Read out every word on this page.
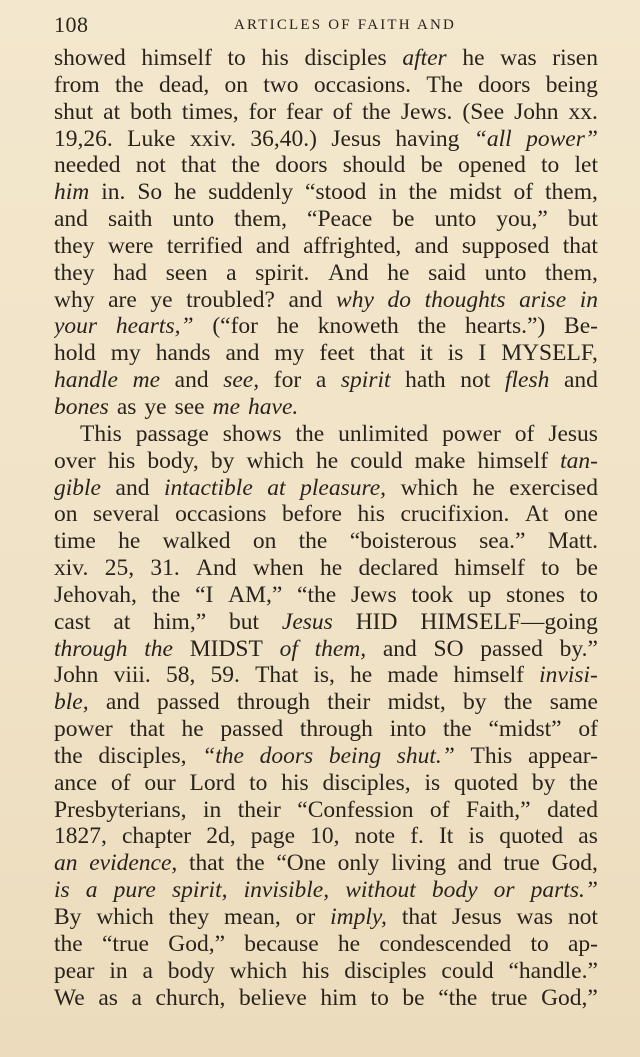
108	ARTICLES OF FAITH AND
showed himself to his disciples after he was risen
from the dead, on two occasions. The doors being
shut at both times, for fear of the Jews. (See John xx.
19,26. Luke xxiv. 36,40.) Jesus having “all power”
needed not that the doors should be opened to let
him in. So he suddenly “stood in the midst of them,
and saith unto them, “Peace be unto you,” but
they were terrified and affrighted, and supposed that
they had seen a spirit. And he said unto them,
why are ye troubled? and why do thoughts arise in
your hearts,” (“for he knoweth the hearts.”) Be-
hold my hands and my feet that it is I MYSELF,
handle me and see, for a spirit hath not flesh and
bones as ye see me have.
This passage shows the unlimited power of Jesus
over his body, by which he could make himself tan-
gible and intactible at pleasure, which he exercised
on several occasions before his crucifixion. At one
time he walked on the “boisterous sea.” Matt.
xiv. 25, 31. And when he declared himself to be
Jehovah, the “I AM,” “the Jews took up stones to
cast at him,” but Jesus HID HIMSELF—going
through the MIDST of them, and SO passed by.”
John viii. 58, 59. That is, he made himself invisi-
ble, and passed through their midst, by the same
power that he passed through into the “midst” of
the disciples, “the doors being shut.” This appear-
ance of our Lord to his disciples, is quoted by the
Presbyterians, in their “Confession of Faith,” dated
1827, chapter 2d, page 10, note f. It is quoted as
an evidence, that the “One only living and true God,
is a pure spirit, invisible, without body or parts.”
By which they mean, or imply, that Jesus was not
the “true God,” because he condescended to ap-
pear in a body which his disciples could “handle.”
We as a church, believe him to be “the true God,”
